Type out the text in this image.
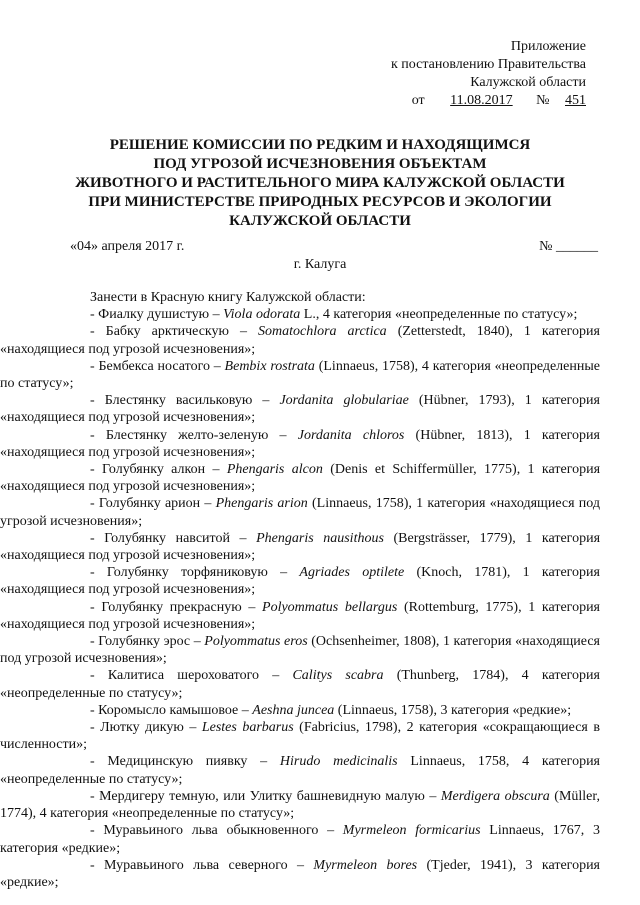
Приложение
к постановлению Правительства
Калужской области
от 11.08.2017 № 451
РЕШЕНИЕ КОМИССИИ ПО РЕДКИМ И НАХОДЯЩИМСЯ
ПОД УГРОЗОЙ ИСЧЕЗНОВЕНИЯ ОБЪЕКТАМ
ЖИВОТНОГО И РАСТИТЕЛЬНОГО МИРА КАЛУЖСКОЙ ОБЛАСТИ
ПРИ МИНИСТЕРСТВЕ ПРИРОДНЫХ РЕСУРСОВ И ЭКОЛОГИИ
КАЛУЖСКОЙ ОБЛАСТИ
«04» апреля 2017 г.	№ ______
г. Калуга
Занести в Красную книгу Калужской области:
- Фиалку душистую – Viola odorata L., 4 категория «неопределенные по статусу»;
- Бабку арктическую – Somatochlora arctica (Zetterstedt, 1840), 1 категория «находящиеся под угрозой исчезновения»;
- Бембекса носатого – Bembix rostrata (Linnaeus, 1758), 4 категория «неопределенные по статусу»;
- Блестянку васильковую – Jordanita globulariae (Hübner, 1793), 1 категория «находящиеся под угрозой исчезновения»;
- Блестянку желто-зеленую – Jordanita chloros (Hübner, 1813), 1 категория «находящиеся под угрозой исчезновения»;
- Голубянку алкон – Phengaris alcon (Denis et Schiffermüller, 1775), 1 категория «находящиеся под угрозой исчезновения»;
- Голубянку арион – Phengaris arion (Linnaeus, 1758), 1 категория «находящиеся под угрозой исчезновения»;
- Голубянку навситой – Phengaris nausithous (Bergsträsser, 1779), 1 категория «находящиеся под угрозой исчезновения»;
- Голубянку торфяниковую – Agriades optilete (Knoch, 1781), 1 категория «находящиеся под угрозой исчезновения»;
- Голубянку прекрасную – Polyommatus bellargus (Rottemburg, 1775), 1 категория «находящиеся под угрозой исчезновения»;
- Голубянку эрос – Polyommatus eros (Ochsenheimer, 1808), 1 категория «находящиеся под угрозой исчезновения»;
- Калитиса шероховатого – Calitys scabra (Thunberg, 1784), 4 категория «неопределенные по статусу»;
- Коромысло камышовое – Aeshna juncea (Linnaeus, 1758), 3 категория «редкие»;
- Лютку дикую – Lestes barbarus (Fabricius, 1798), 2 категория «сокращающиеся в численности»;
- Медицинскую пиявку – Hirudo medicinalis Linnaeus, 1758, 4 категория «неопределенные по статусу»;
- Мердигеру темную, или Улитку башневидную малую – Merdigera obscura (Müller, 1774), 4 категория «неопределенные по статусу»;
- Муравьиного льва обыкновенного – Myrmeleon formicarius Linnaeus, 1767, 3 категория «редкие»;
- Муравьиного льва северного – Myrmeleon bores (Tjeder, 1941), 3 категория «редкие»;
